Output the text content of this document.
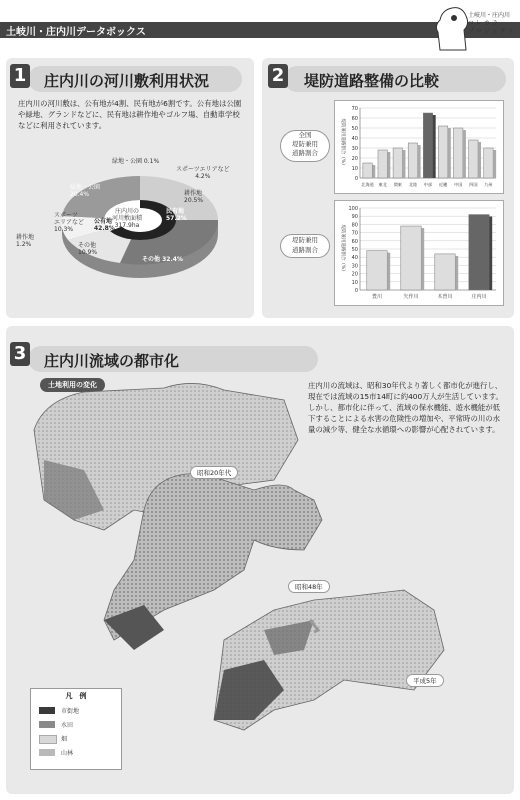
土岐川・庄内川データボックス
土岐川・庄内川
コ レ カ ラ
プ ロ ジ ェ ク ト
1 庄内川の河川敷利用状況
庄内川の河川敷は、公有地が4割、民有地が6割です。公有地は公園や緑地、グランドなどに、民有地は耕作地やゴルフ場、自動車学校などに利用されています。
庄内川の
河川敷面積
317.9ha
民有地
57.2%
公有地
42.8%
緑地・公園 0.1%
スポーツエリアなど
4.2%
耕作地
20.5%
その他 32.4%
緑地・公園
20.4%
スポーツ
エリアなど
10.3%
耕作地
1.2%	その他
10.9%
2 堤防道路整備の比較
全国
堤防兼用
道路割合
堤防兼用
道路割合
0
10
20
30
40
50
60
70
北海道 東北 関東 北陸 中部 近畿 中国 四国 九州
堤防兼用道路割合（%）
0
10
20
30
40
50
60
70
80
90
100
豊川	矢作川	木曽川	庄内川
堤防兼用道路割合（%）
3 庄内川流域の都市化
土地利用の変化	庄内川の流域は、昭和30年代より著しく都市化が進行し、現在では流域の15市14町に約400万人が生活しています。しかし、都市化に伴って、流域の保水機能、遊水機能が低下することによる水害の危険性の増加や、平常時の川の水量の減少等、健全な水循環への影響が心配されています。
昭和20年代
昭和48年
平成5年
凡　例
市街地
水田
畑
山林
